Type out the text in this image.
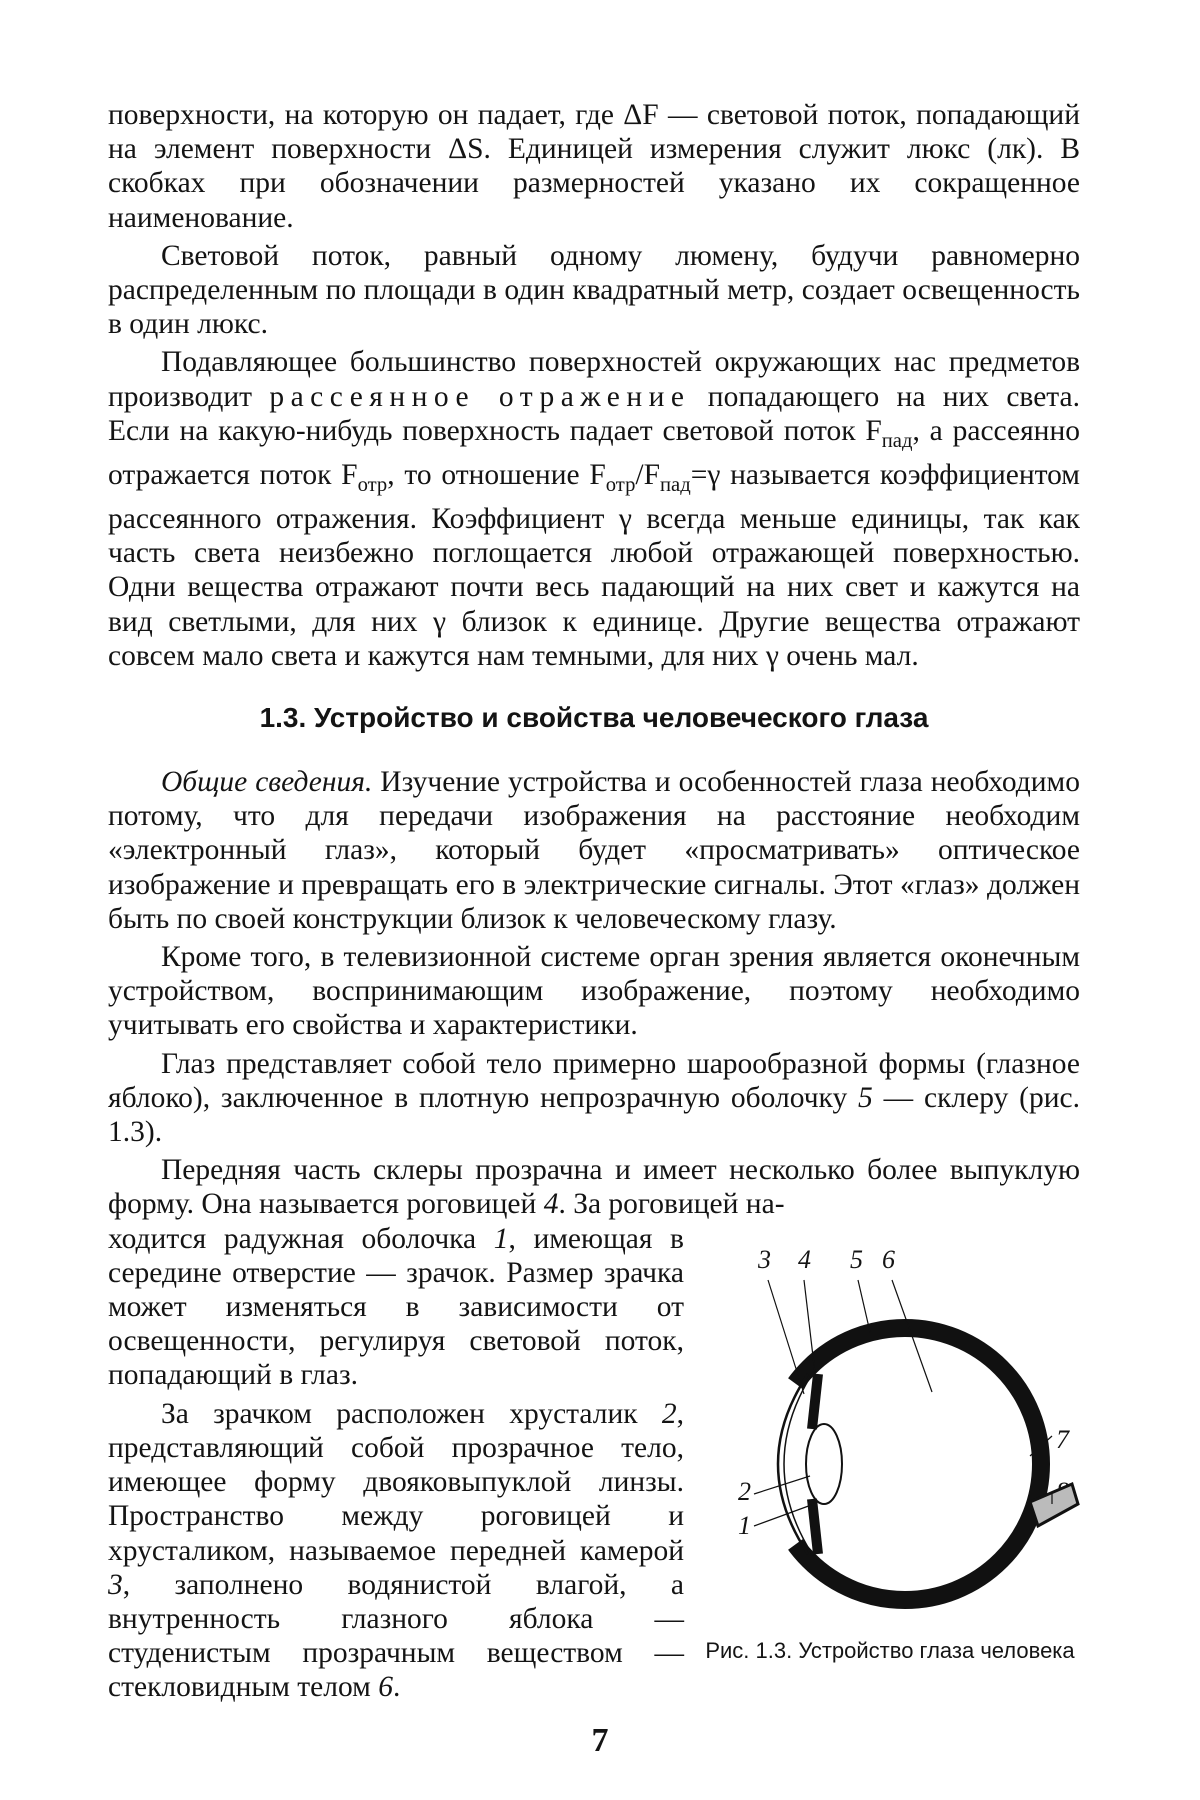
поверхности, на которую он падает, где ΔF — световой поток, попадающий на элемент поверхности ΔS. Единицей измерения служит люкс (лк). В скобках при обозначении размерностей указано их сокращенное наименование.

Световой поток, равный одному люмену, будучи равномерно распределенным по площади в один квадратный метр, создает освещенность в один люкс.

Подавляющее большинство поверхностей окружающих нас предметов производит рассеянное отражение попадающего на них света. Если на какую-нибудь поверхность падает световой поток $F_{пад}$, а рассеянно отражается поток $F_{отр}$, то отношение $F_{отр}/F_{пад}=\gamma$ называется коэффициентом рассеянного отражения. Коэффициент γ всегда меньше единицы, так как часть света неизбежно поглощается любой отражающей поверхностью. Одни вещества отражают почти весь падающий на них свет и кажутся на вид светлыми, для них γ близок к единице. Другие вещества отражают совсем мало света и кажутся нам темными, для них γ очень мал.

1.3. Устройство и свойства человеческого глаза

Общие сведения. Изучение устройства и особенностей глаза необходимо потому, что для передачи изображения на расстояние необходим «электронный глаз», который будет «просматривать» оптическое изображение и превращать его в электрические сигналы. Этот «глаз» должен быть по своей конструкции близок к человеческому глазу.

Кроме того, в телевизионной системе орган зрения является оконечным устройством, воспринимающим изображение, поэтому необходимо учитывать его свойства и характеристики.

Глаз представляет собой тело примерно шарообразной формы (глазное яблоко), заключенное в плотную непрозрачную оболочку 5 — склеру (рис. 1.3).

Передняя часть склеры прозрачна и имеет несколько более выпуклую форму. Она называется роговицей 4. За роговицей на-

ходится радужная оболочка 1, имеющая в середине отверстие — зрачок. Размер зрачка может изменяться в зависимости от освещенности, регулируя световой поток, попадающий в глаз.

За зрачком расположен хрусталик 2, представляющий собой прозрачное тело, имеющее форму двояковыпуклой линзы. Пространство между роговицей и хрусталиком, называемое передней камерой 3, заполнено водянистой влагой, а внутренность глазного яблока — студенистым прозрачным веществом — стекловидным телом 6.

3 4 5 6
7
2
1
Рис. 1.3. Устройство глаза человека
7
